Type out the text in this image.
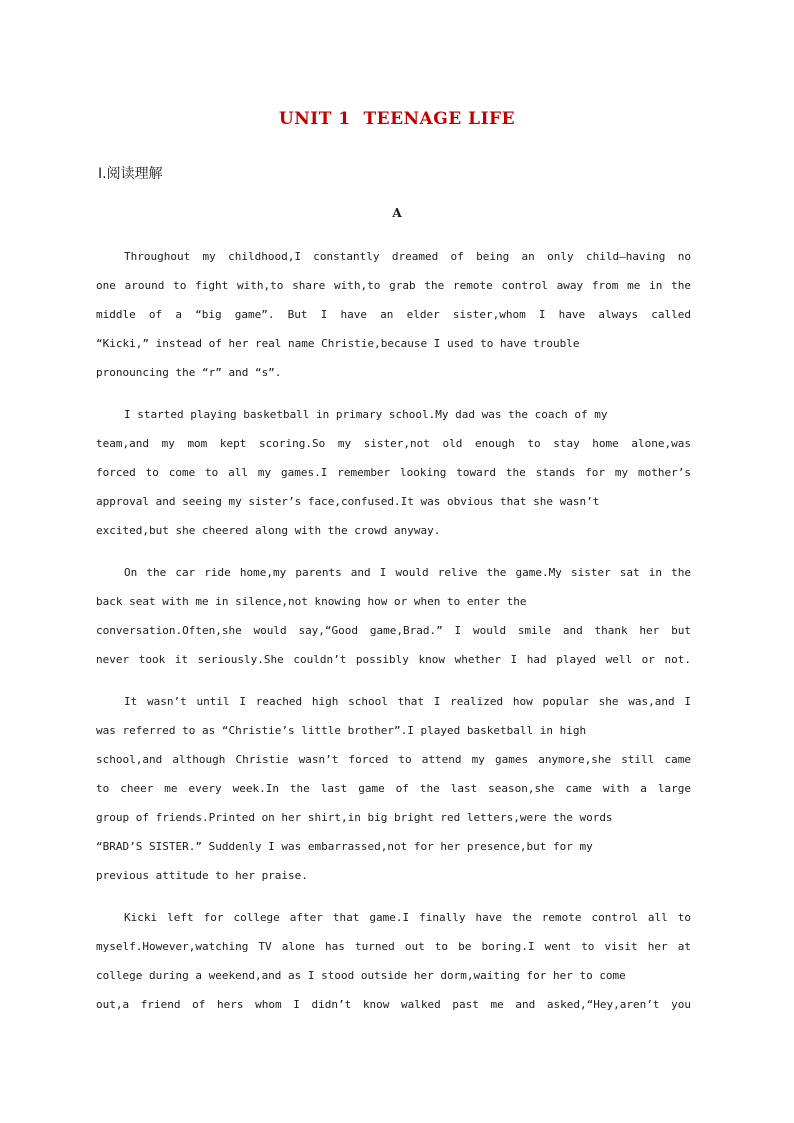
UNIT 1  TEENAGE LIFE
Ⅰ.阅读理解
A
Throughout my childhood,I constantly dreamed of being an only child—having no
one around to fight with,to share with,to grab the remote control away from me in the
middle of a “big game”. But I have an elder sister,whom I have always called
“Kicki,” instead of her real name Christie,because I used to have trouble
pronouncing the “r” and “s”.
I started playing basketball in primary school.My dad was the coach of my
team,and my mom kept scoring.So my sister,not old enough to stay home alone,was
forced to come to all my games.I remember looking toward the stands for my mother’s
approval and seeing my sister’s face,confused.It was obvious that she wasn’t
excited,but she cheered along with the crowd anyway.
On the car ride home,my parents and I would relive the game.My sister sat in the
back seat with me in silence,not knowing how or when to enter the
conversation.Often,she would say,“Good game,Brad.” I would smile and thank her but
never took it seriously.She couldn’t possibly know whether I had played well or not.
It wasn’t until I reached high school that I realized how popular she was,and I
was referred to as “Christie’s little brother”.I played basketball in high
school,and although Christie wasn’t forced to attend my games anymore,she still came
to cheer me every week.In the last game of the last season,she came with a large
group of friends.Printed on her shirt,in big bright red letters,were the words
“BRAD’S SISTER.” Suddenly I was embarrassed,not for her presence,but for my
previous attitude to her praise.
Kicki left for college after that game.I finally have the remote control all to
myself.However,watching TV alone has turned out to be boring.I went to visit her at
college during a weekend,and as I stood outside her dorm,waiting for her to come
out,a friend of hers whom I didn’t know walked past me and asked,“Hey,aren’t you
